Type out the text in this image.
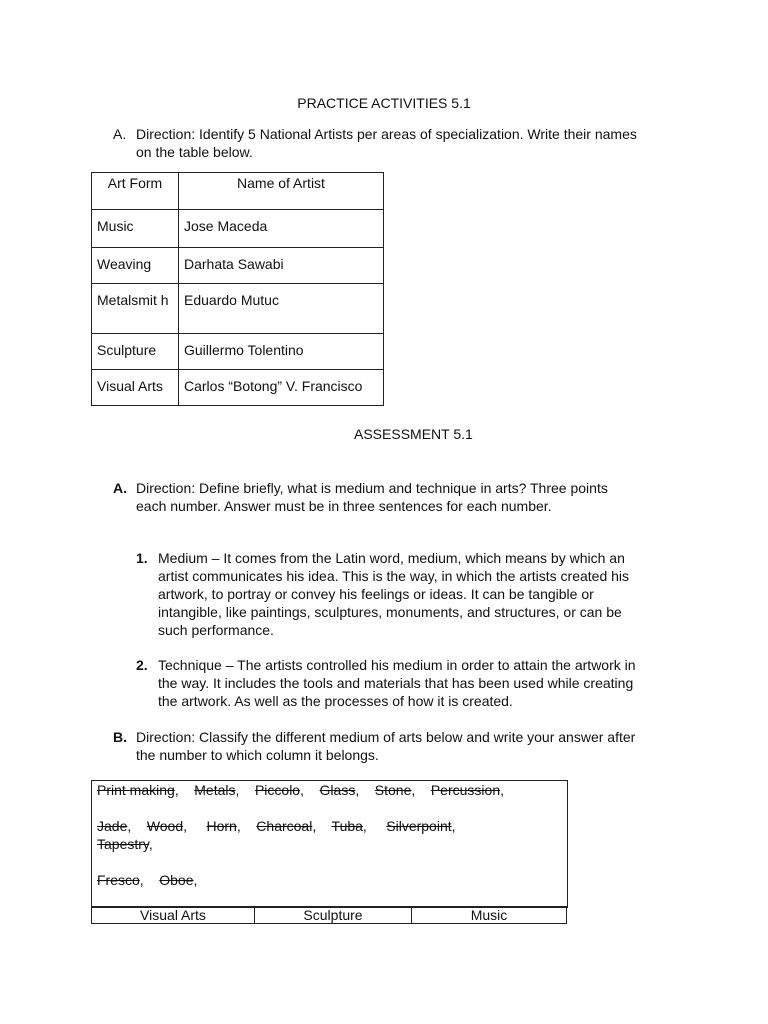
PRACTICE ACTIVITIES 5.1
A. Direction: Identify 5 National Artists per areas of specialization. Write their names
on the table below.
Art Form	Name of Artist
Music	Jose Maceda
Weaving	Darhata Sawabi
Metalsmit h	Eduardo Mutuc
Sculpture	Guillermo Tolentino
Visual Arts	Carlos “Botong” V. Francisco
ASSESSMENT 5.1
A. Direction: Define briefly, what is medium and technique in arts? Three points
each number. Answer must be in three sentences for each number.
1. Medium – It comes from the Latin word, medium, which means by which an
artist communicates his idea. This is the way, in which the artists created his
artwork, to portray or convey his feelings or ideas. It can be tangible or
intangible, like paintings, sculptures, monuments, and structures, or can be
such performance.
2. Technique – The artists controlled his medium in order to attain the artwork in
the way. It includes the tools and materials that has been used while creating
the artwork. As well as the processes of how it is created.
B. Direction: Classify the different medium of arts below and write your answer after
the number to which column it belongs.
Print making,    Metals,    Piccolo,    Glass,    Stone,    Percussion,
Jade,    Wood,     Horn,    Charcoal,    Tuba,     Silverpoint,
Tapestry,
Fresco,    Oboe,
Visual Arts	Sculpture	Music
